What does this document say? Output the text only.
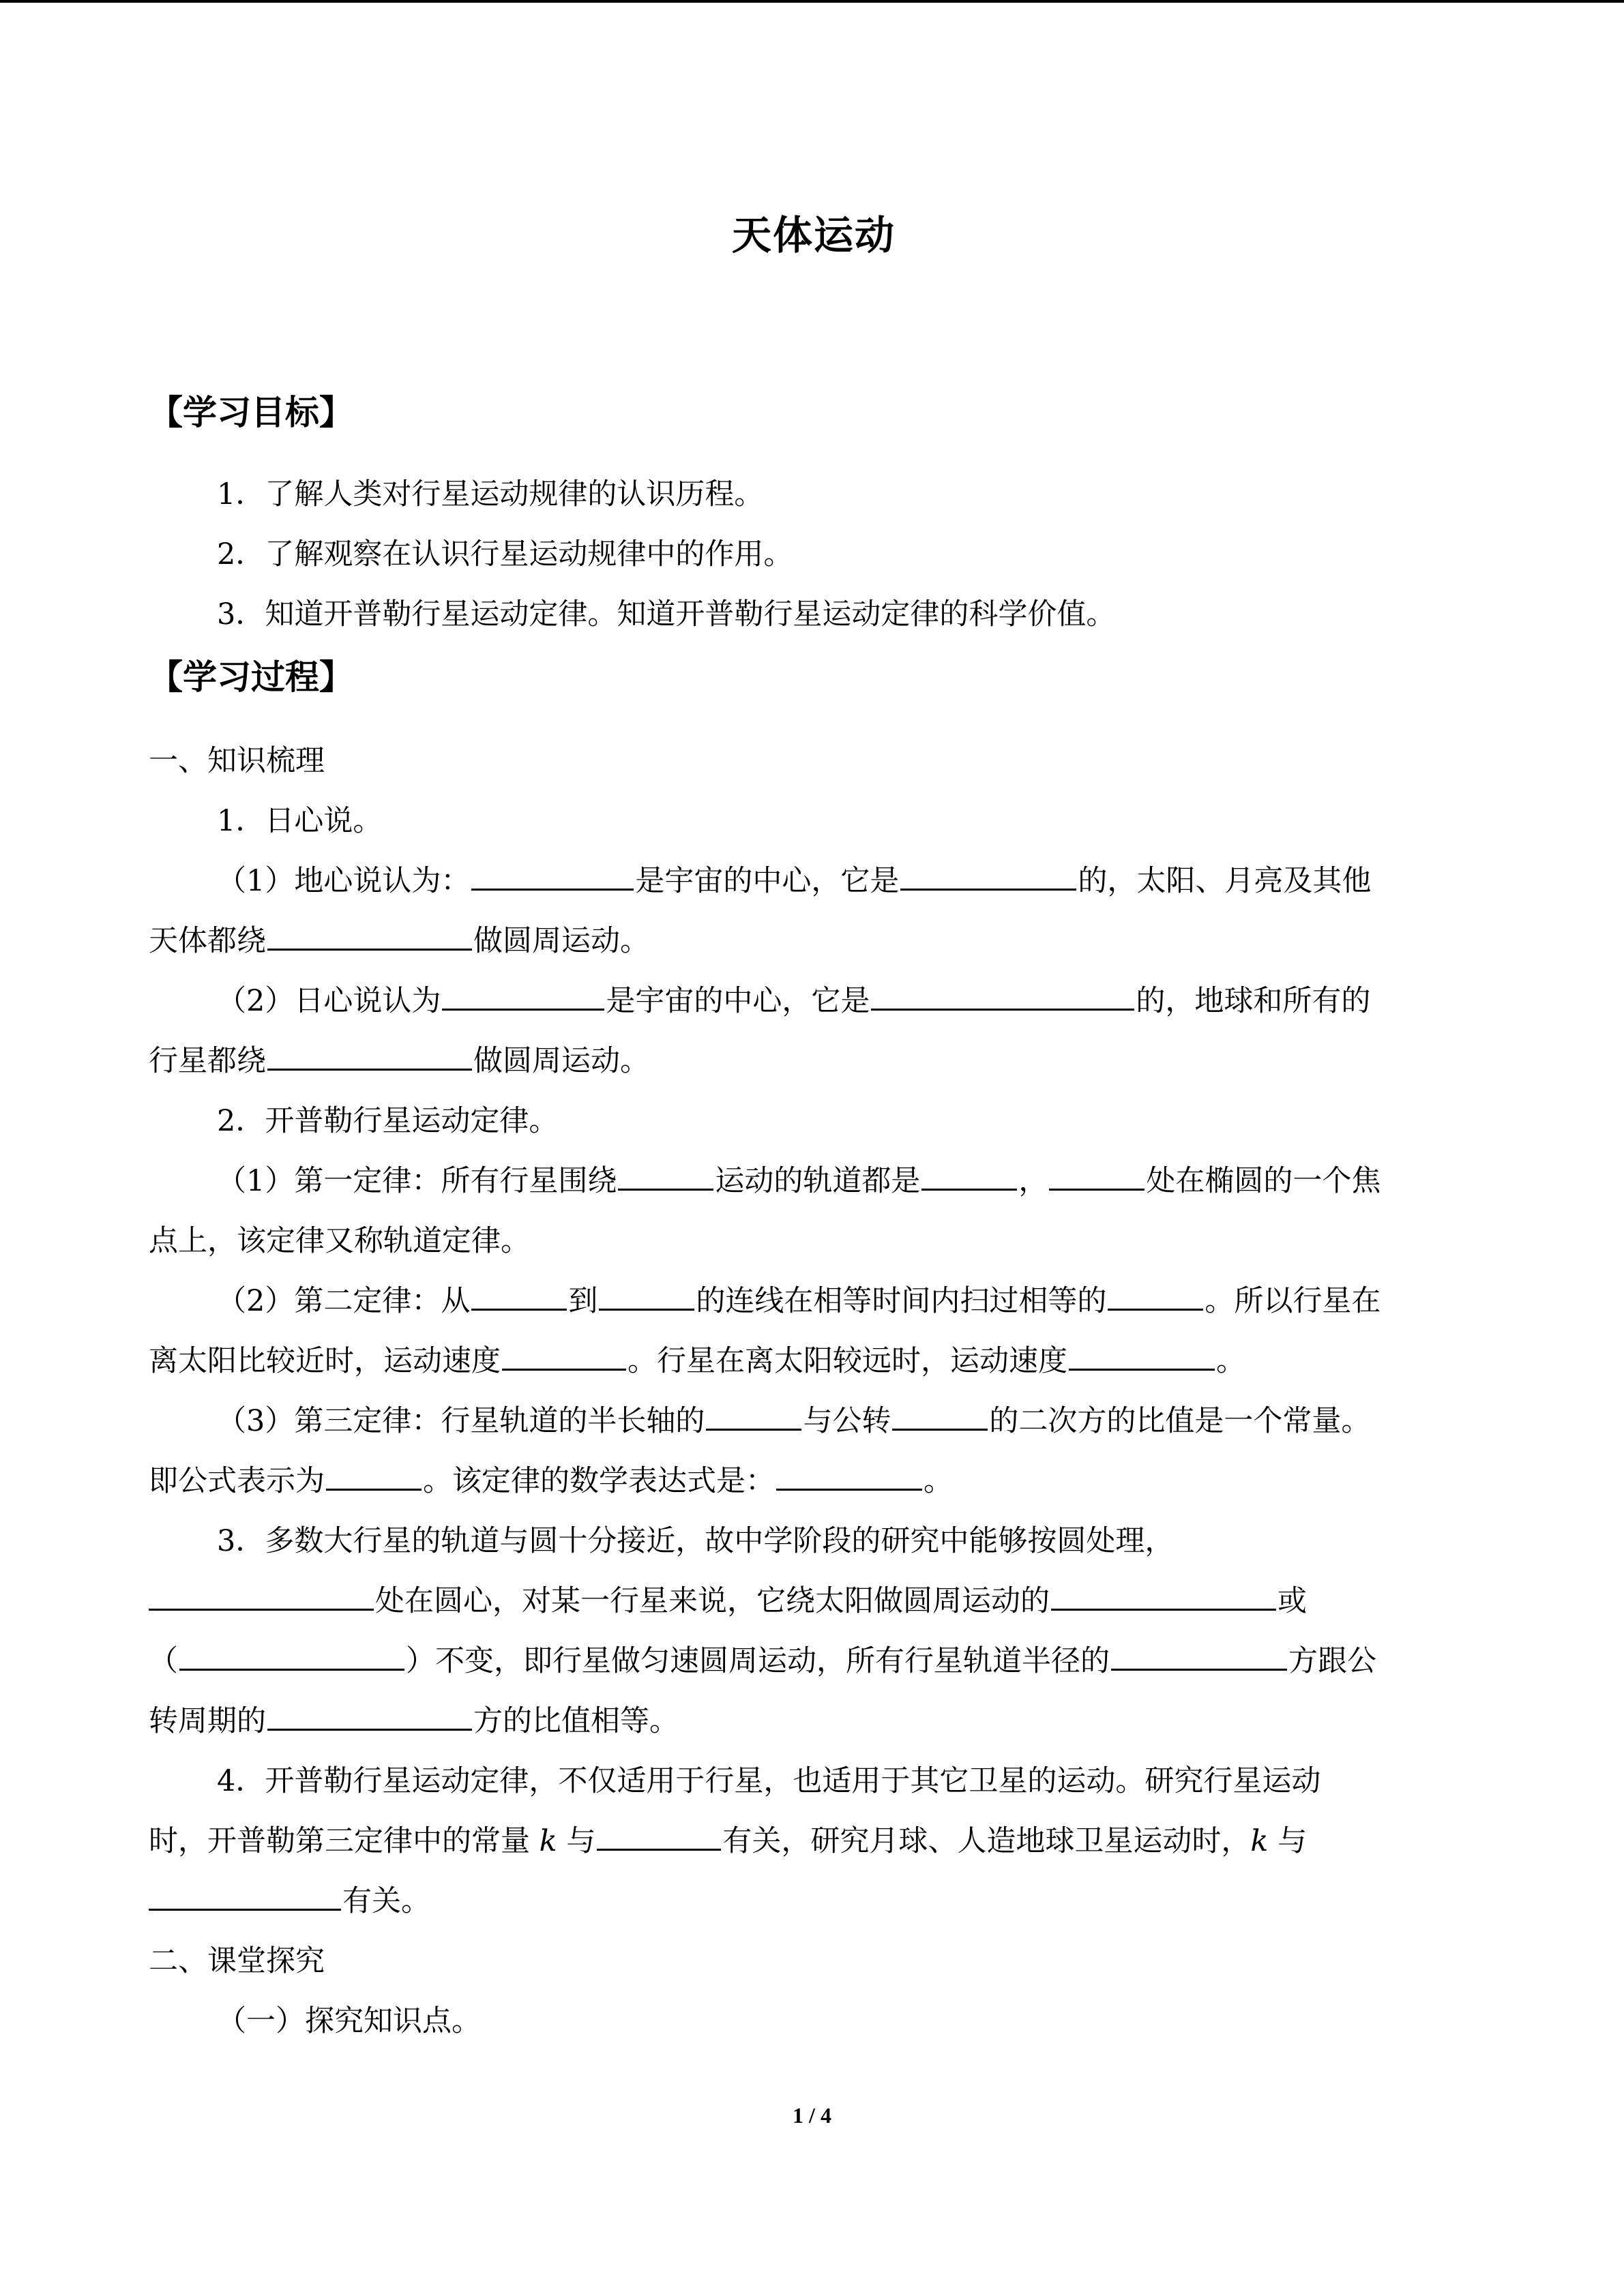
天体运动
【学习目标】
1．了解人类对行星运动规律的认识历程。
2．了解观察在认识行星运动规律中的作用。
3．知道开普勒行星运动定律。知道开普勒行星运动定律的科学价值。
【学习过程】
一、知识梳理
1．日心说。
（1）地心说认为：	是宇宙的中心，它是	的，太阳、月亮及其他
天体都绕	做圆周运动。
（2）日心说认为	是宇宙的中心，它是	的，地球和所有的
行星都绕	做圆周运动。
2．开普勒行星运动定律。
（1）第一定律：所有行星围绕	运动的轨道都是	，	处在椭圆的一个焦
点上，该定律又称轨道定律。
（2）第二定律：从	到	的连线在相等时间内扫过相等的	。所以行星在
离太阳比较近时，运动速度	。行星在离太阳较远时，运动速度	。
（3）第三定律：行星轨道的半长轴的	与公转	的二次方的比值是一个常量。
即公式表示为	。该定律的数学表达式是：	。
3．多数大行星的轨道与圆十分接近，故中学阶段的研究中能够按圆处理，
处在圆心，对某一行星来说，它绕太阳做圆周运动的	或
（	）不变，即行星做匀速圆周运动，所有行星轨道半径的	方跟公
转周期的	方的比值相等。
4．开普勒行星运动定律，不仅适用于行星，也适用于其它卫星的运动。研究行星运动
时，开普勒第三定律中的常量 k 与	有关，研究月球、人造地球卫星运动时，k 与
有关。
二、课堂探究
（一）探究知识点。
1 / 4
